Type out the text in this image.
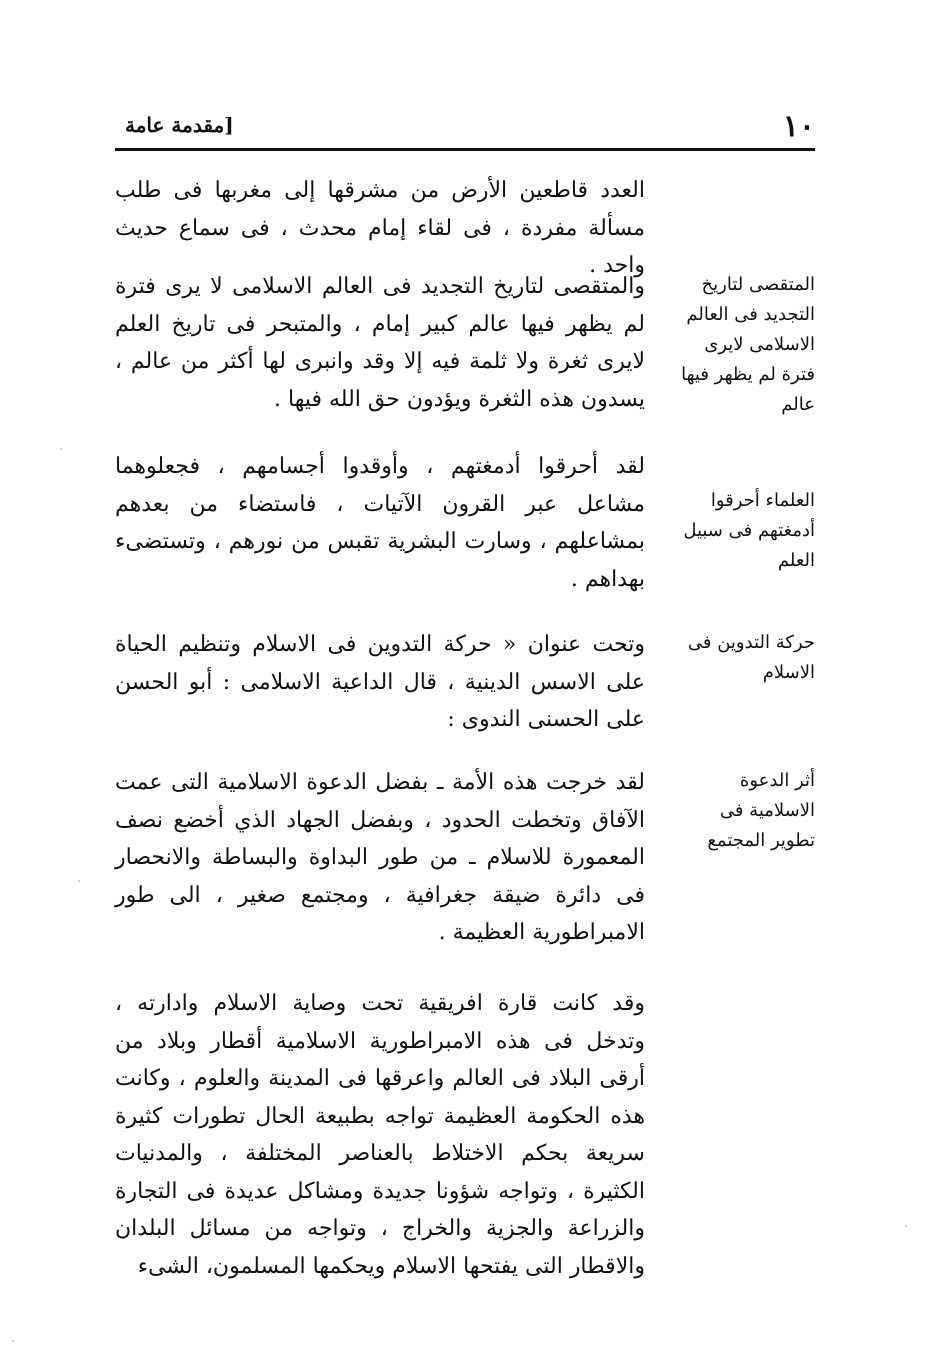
١٠
[مقدمة عامة
العدد قاطعين الأرض من مشرقها إلى مغربها فى طلب مسألة مفردة ، فى لقاء إمام محدث ، فى سماع حديث واحد .
المتقصى لتاريخ التجديد فى العالم الاسلامى لايرى فترة لم يظهر فيها عالم
والمتقصى لتاريخ التجديد فى العالم الاسلامى لا يرى فترة لم يظهر فيها عالم كبير إمام ، والمتبحر فى تاريخ العلم لايرى ثغرة ولا ثلمة فيه إلا وقد وانبرى لها أكثر من عالم ، يسدون هذه الثغرة ويؤدون حق الله فيها .
العلماء أحرقوا أدمغتهم فى سبيل العلم
لقد أحرقوا أدمغتهم ، وأوقدوا أجسامهم ، فجعلوهما مشاعل عبر القرون الآتيات ، فاستضاء من بعدهم بمشاعلهم ، وسارت البشرية تقبس من نورهم ، وتستضىء بهداهم .
حركة التدوين فى الاسلام
وتحت عنوان « حركة التدوين فى الاسلام وتنظيم الحياة على الاسس الدينية ، قال الداعية الاسلامى : أبو الحسن على الحسنى الندوى :
أثر الدعوة الاسلامية فى تطوير المجتمع
لقد خرجت هذه الأمة ـ بفضل الدعوة الاسلامية التى عمت الآفاق وتخطت الحدود ، وبفضل الجهاد الذي أخضع نصف المعمورة للاسلام ـ من طور البداوة والبساطة والانحصار فى دائرة ضيقة جغرافية ، ومجتمع صغير ، الى طور الامبراطورية العظيمة .
وقد كانت قارة افريقية تحت وصاية الاسلام وادارته ، وتدخل فى هذه الامبراطورية الاسلامية أقطار وبلاد من أرقى البلاد فى العالم واعرقها فى المدينة والعلوم ، وكانت هذه الحكومة العظيمة تواجه بطبيعة الحال تطورات كثيرة سريعة بحكم الاختلاط بالعناصر المختلفة ، والمدنيات الكثيرة ، وتواجه شؤونا جديدة ومشاكل عديدة فى التجارة والزراعة والجزية والخراج ، وتواجه من مسائل البلدان والاقطار التى يفتحها الاسلام ويحكمها المسلمون، الشىء
